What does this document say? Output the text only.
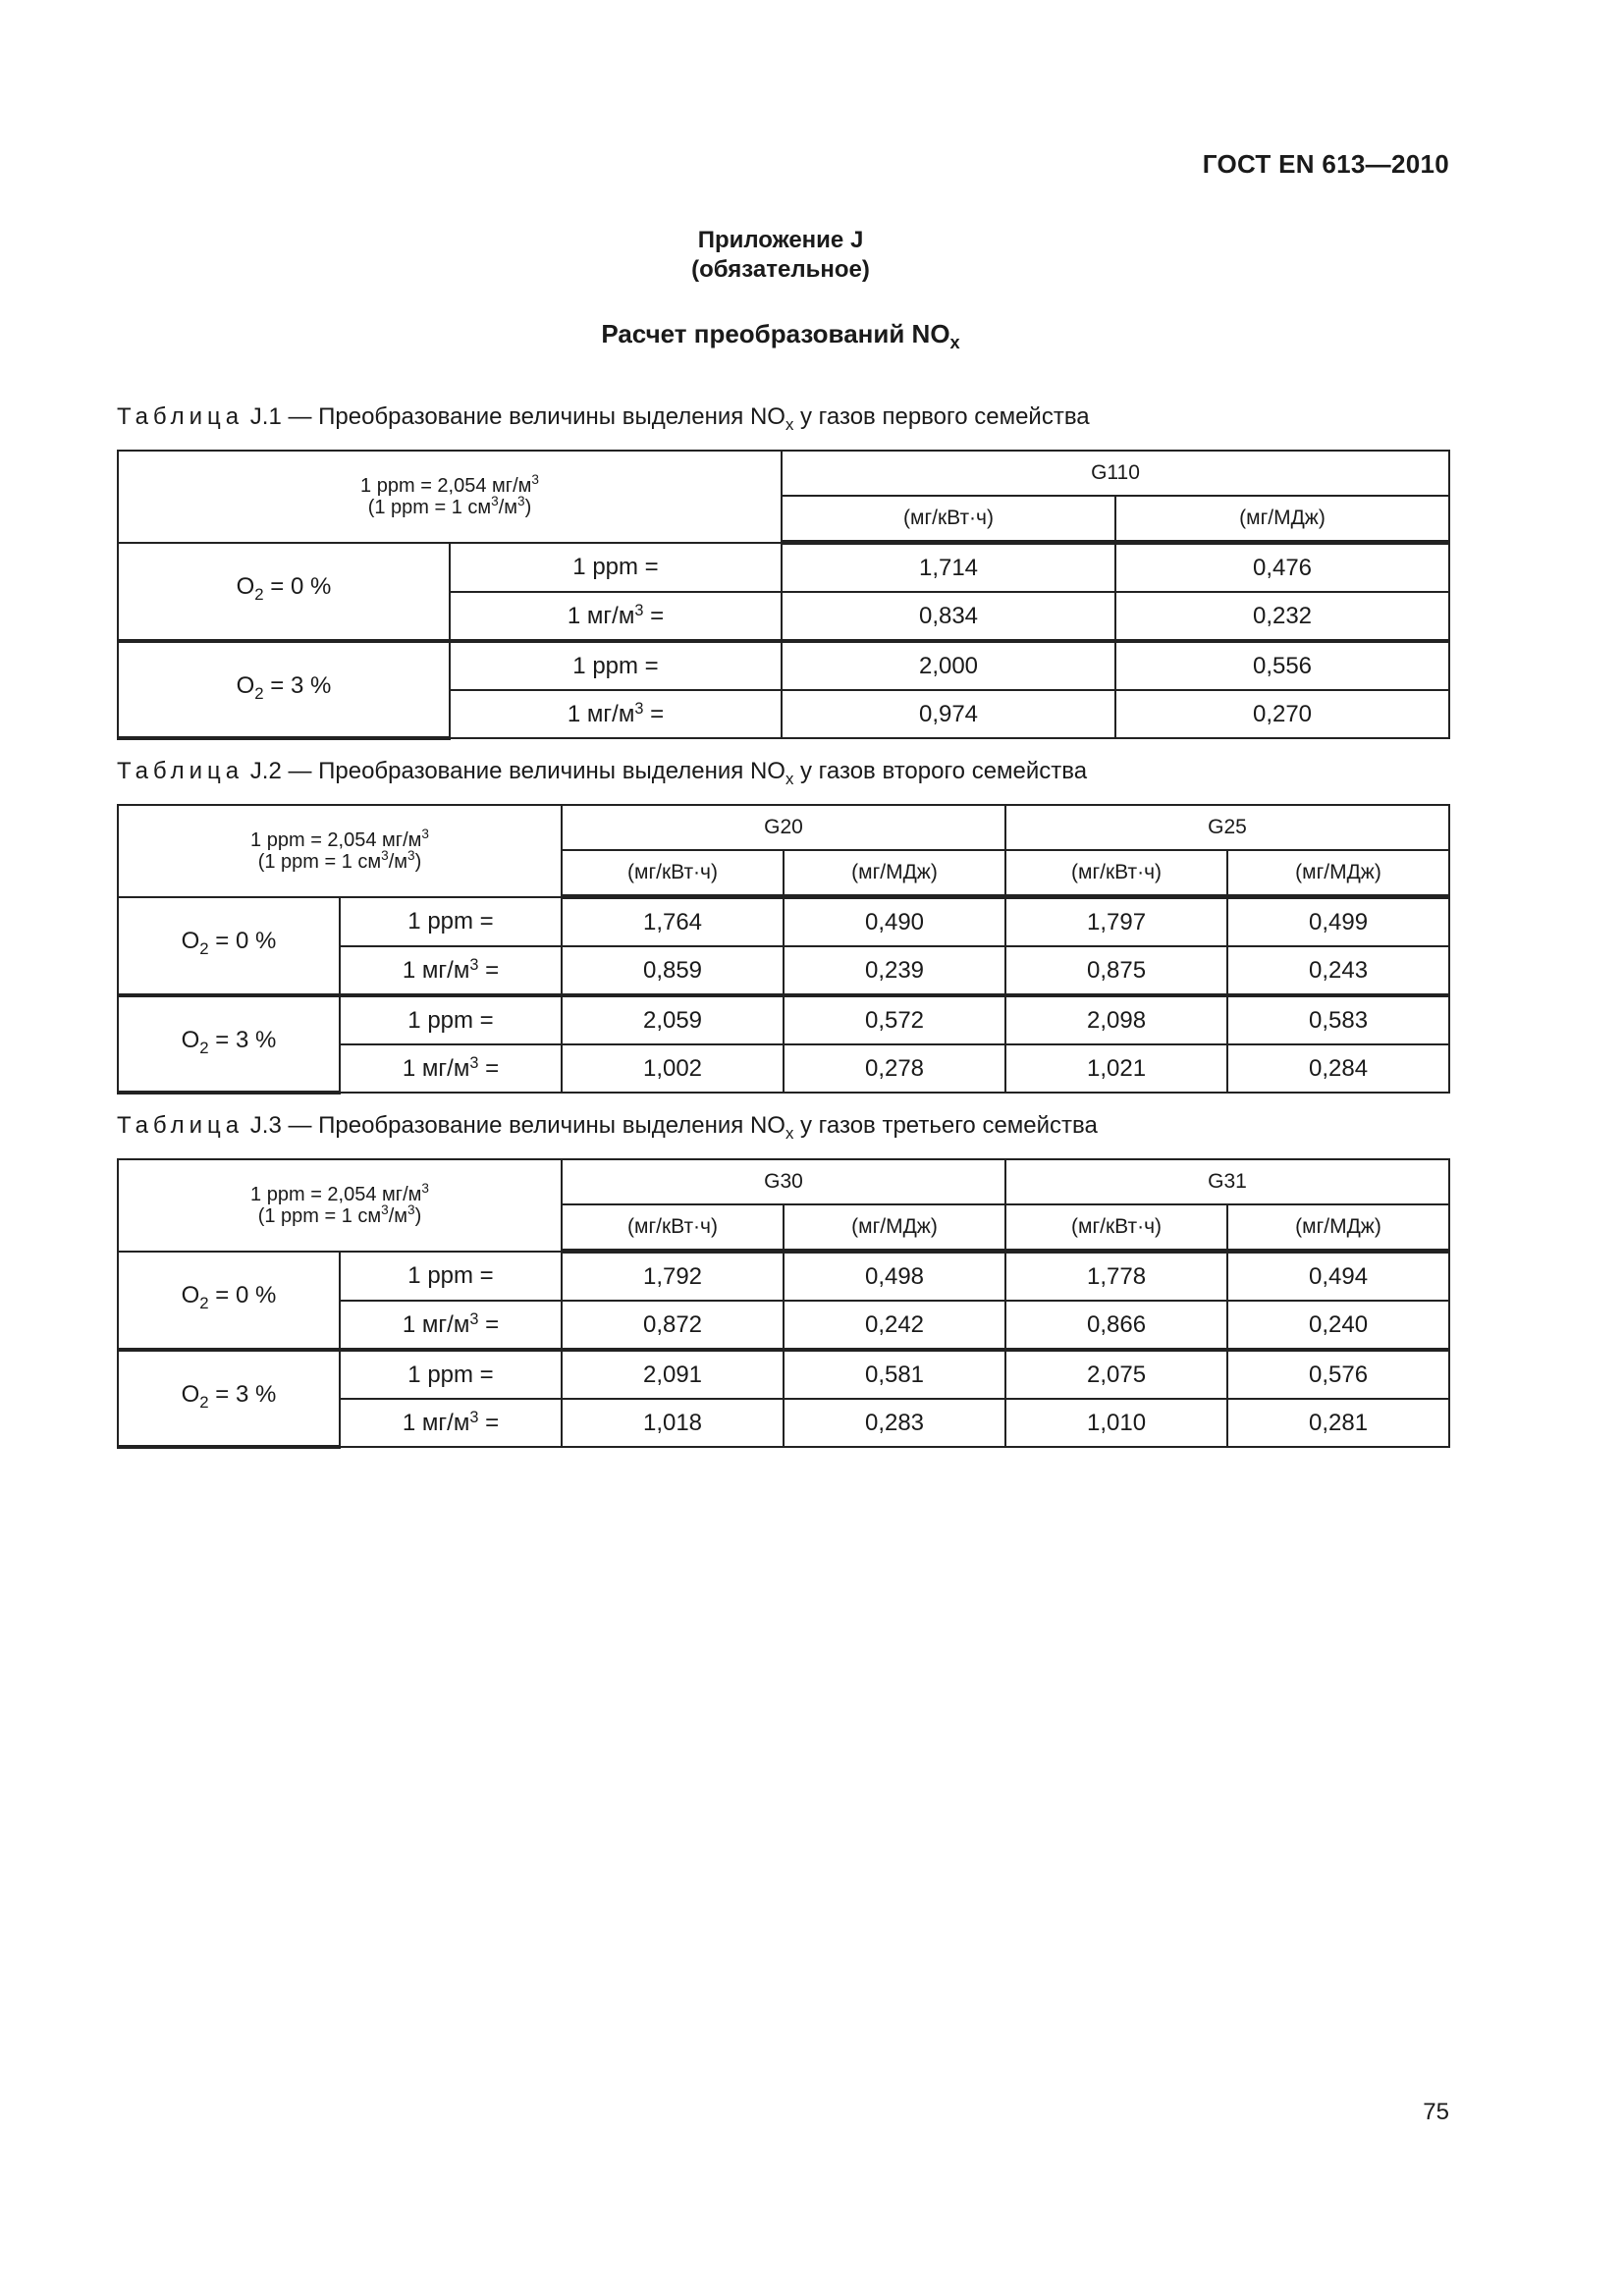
ГОСТ EN 613—2010
Приложение J
(обязательное)
Расчет преобразований $NO_x$
Таблица J.1 — Преобразование величины выделения $NO_x$ у газов первого семейства
1 ppm = 2,054 $мг/м^3$
(1 ppm = 1 $см^3/м^3$)		G110	
		(мг/кВт·ч)	(мг/МДж)
$O_2 = 0$ %	1 ppm =	1,714	0,476
	1 $мг/м^3$ =	0,834	0,232
$O_2 = 3$ %	1 ppm =	2,000	0,556
	1 $мг/м^3$ =	0,974	0,270
Таблица J.2 — Преобразование величины выделения $NO_x$ у газов второго семейства
1 ppm = 2,054 $мг/м^3$
(1 ppm = 1 $см^3/м^3$)		G20		G25	
		(мг/кВт·ч)	(мг/МДж)	(мг/кВт·ч)	(мг/МДж)
$O_2 = 0$ %	1 ppm =	1,764	0,490	1,797	0,499
	1 $мг/м^3$ =	0,859	0,239	0,875	0,243
$O_2 = 3$ %	1 ppm =	2,059	0,572	2,098	0,583
	1 $мг/м^3$ =	1,002	0,278	1,021	0,284
Таблица J.3 — Преобразование величины выделения $NO_x$ у газов третьего семейства
1 ppm = 2,054 $мг/м^3$
(1 ppm = 1 $см^3/м^3$)		G30		G31	
		(мг/кВт·ч)	(мг/МДж)	(мг/кВт·ч)	(мг/МДж)
$O_2 = 0$ %	1 ppm =	1,792	0,498	1,778	0,494
	1 $мг/м^3$ =	0,872	0,242	0,866	0,240
$O_2 = 3$ %	1 ppm =	2,091	0,581	2,075	0,576
	1 $мг/м^3$ =	1,018	0,283	1,010	0,281
75
